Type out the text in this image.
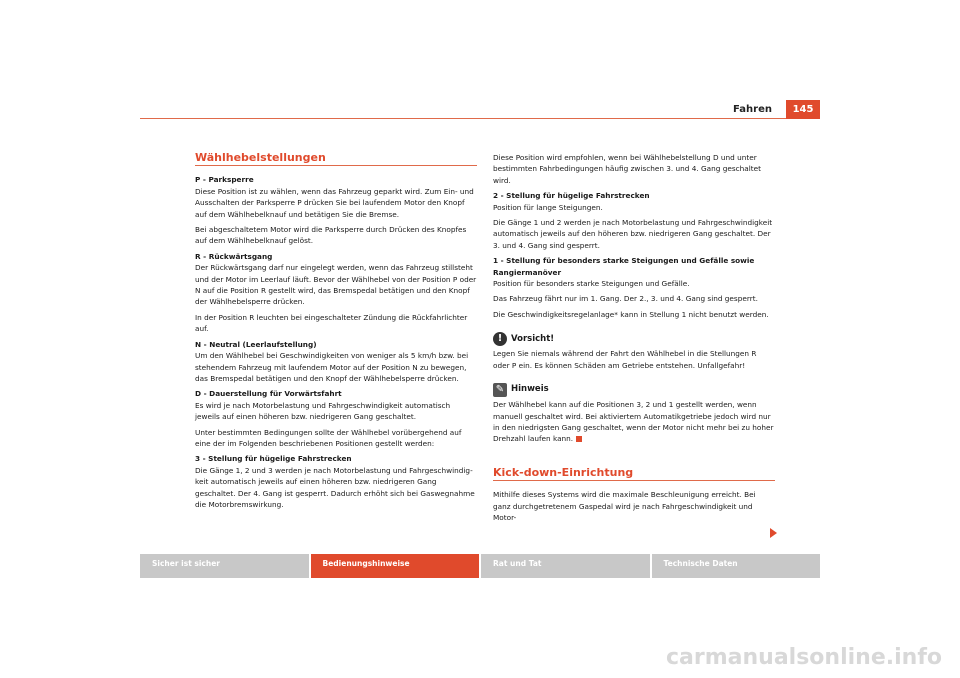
Fahren	145
Wählhebelstellungen
P - Parksperre
Diese Position ist zu wählen, wenn das Fahrzeug geparkt wird. Zum Ein- und Ausschalten der Parksperre P drücken Sie bei laufendem Motor den Knopf auf dem Wählhebelknauf und betätigen Sie die Bremse.
Bei abgeschaltetem Motor wird die Parksperre durch Drücken des Knopfes auf dem Wählhebelknauf gelöst.
R - Rückwärtsgang
Der Rückwärtsgang darf nur eingelegt werden, wenn das Fahrzeug stillsteht und der Motor im Leerlauf läuft. Bevor der Wählhebel von der Position P oder N auf die Position R gestellt wird, das Bremspedal betätigen und den Knopf der Wählhebelsperre drücken.
In der Position R leuchten bei eingeschalteter Zündung die Rückfahrlichter auf.
N - Neutral (Leerlaufstellung)
Um den Wählhebel bei Geschwindigkeiten von weniger als 5 km/h bzw. bei stehendem Fahrzeug mit laufendem Motor auf der Position N zu bewegen, das Bremspedal betätigen und den Knopf der Wählhebelsperre drücken.
D - Dauerstellung für Vorwärtsfahrt
Es wird je nach Motorbelastung und Fahrgeschwindigkeit automatisch jeweils auf einen höheren bzw. niedrigeren Gang geschaltet.
Unter bestimmten Bedingungen sollte der Wählhebel vorübergehend auf eine der im Folgenden beschriebenen Positionen gestellt werden:
3 - Stellung für hügelige Fahrstrecken
Die Gänge 1, 2 und 3 werden je nach Motorbelastung und Fahrgeschwindig-keit automatisch jeweils auf einen höheren bzw. niedrigeren Gang geschaltet. Der 4. Gang ist gesperrt. Dadurch erhöht sich bei Gaswegnahme die Motorbremswirkung.
Diese Position wird empfohlen, wenn bei Wählhebelstellung D und unter bestimmten Fahrbedingungen häufig zwischen 3. und 4. Gang geschaltet wird.
2 - Stellung für hügelige Fahrstrecken
Position für lange Steigungen.
Die Gänge 1 und 2 werden je nach Motorbelastung und Fahrgeschwindigkeit automatisch jeweils auf den höheren bzw. niedrigeren Gang geschaltet. Der 3. und 4. Gang sind gesperrt.
1 - Stellung für besonders starke Steigungen und Gefälle sowie Rangiermanöver
Position für besonders starke Steigungen und Gefälle.
Das Fahrzeug fährt nur im 1. Gang. Der 2., 3. und 4. Gang sind gesperrt.
Die Geschwindigkeitsregelanlage* kann in Stellung 1 nicht benutzt werden.
!	Vorsicht!
Legen Sie niemals während der Fahrt den Wählhebel in die Stellungen R oder P ein. Es können Schäden am Getriebe entstehen. Unfallgefahr!
✎ Hinweis
Der Wählhebel kann auf die Positionen 3, 2 und 1 gestellt werden, wenn manuell geschaltet wird. Bei aktiviertem Automatikgetriebe jedoch wird nur in den niedrigsten Gang geschaltet, wenn der Motor nicht mehr bei zu hoher Drehzahl laufen kann.
Kick-down-Einrichtung
Mithilfe dieses Systems wird die maximale Beschleunigung erreicht. Bei ganz durchgetretenem Gaspedal wird je nach Fahrgeschwindigkeit und Motor-
Sicher ist sicher	Bedienungshinweise	Rat und Tat	Technische Daten
carmanualsonline.info
